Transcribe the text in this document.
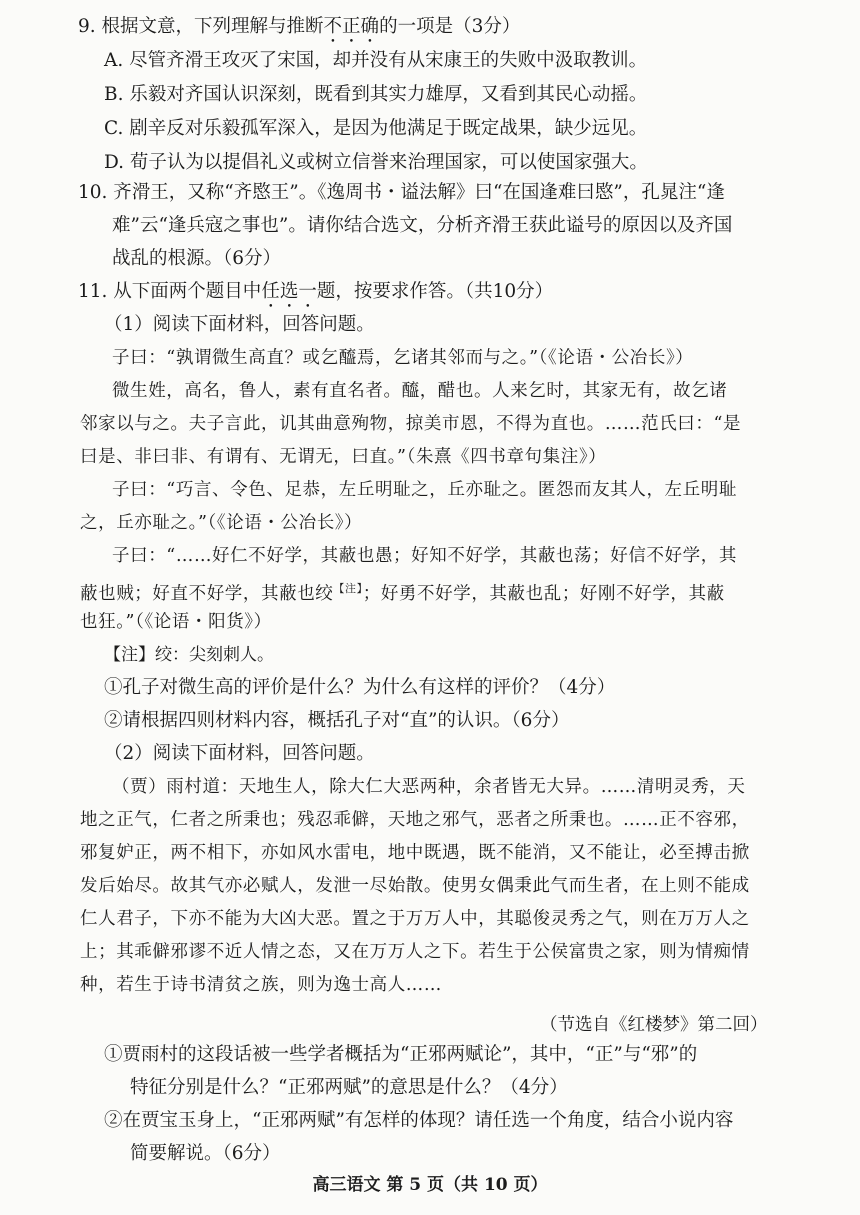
9. 根据文意，下列理解与推断不正确的一项是（3分）
A. 尽管齐滑王攻灭了宋国，却并没有从宋康王的失败中汲取教训。
B. 乐毅对齐国认识深刻，既看到其实力雄厚，又看到其民心动摇。
C. 剧辛反对乐毅孤军深入，是因为他满足于既定战果，缺少远见。
D. 荀子认为以提倡礼义或树立信誉来治理国家，可以使国家强大。
10. 齐滑王，又称“齐愍王”。《逸周书・谥法解》曰“在国逢难曰愍”，孔晁注“逢
难”云“逢兵寇之事也”。请你结合选文，分析齐滑王获此谥号的原因以及齐国
战乱的根源。（6分）
11. 从下面两个题目中任选一题，按要求作答。（共10分）
（1）阅读下面材料，回答问题。
子曰：“孰谓微生高直？或乞醯焉，乞诸其邻而与之。”（《论语・公冶长》）
微生姓，高名，鲁人，素有直名者。醯，醋也。人来乞时，其家无有，故乞诸
邻家以与之。夫子言此，讥其曲意殉物，掠美市恩，不得为直也。……范氏曰：“是
曰是、非曰非、有谓有、无谓无，曰直。”（朱熹《四书章句集注》）
子曰：“巧言、令色、足恭，左丘明耻之，丘亦耻之。匿怨而友其人，左丘明耻
之，丘亦耻之。”（《论语・公冶长》）
子曰：“……好仁不好学，其蔽也愚；好知不好学，其蔽也荡；好信不好学，其
蔽也贼；好直不好学，其蔽也绞$^{【注】}$；好勇不好学，其蔽也乱；好刚不好学，其蔽
也狂。”（《论语・阳货》）
【注】绞：尖刻刺人。
①孔子对微生高的评价是什么？为什么有这样的评价？（4分）
②请根据四则材料内容，概括孔子对“直”的认识。（6分）
（2）阅读下面材料，回答问题。
（贾）雨村道：天地生人，除大仁大恶两种，余者皆无大异。……清明灵秀，天
地之正气，仁者之所秉也；残忍乖僻，天地之邪气，恶者之所秉也。……正不容邪，
邪复妒正，两不相下，亦如风水雷电，地中既遇，既不能消，又不能让，必至搏击掀
发后始尽。故其气亦必赋人，发泄一尽始散。使男女偶秉此气而生者，在上则不能成
仁人君子，下亦不能为大凶大恶。置之于万万人中，其聪俊灵秀之气，则在万万人之
上；其乖僻邪谬不近人情之态，又在万万人之下。若生于公侯富贵之家，则为情痴情
种，若生于诗书清贫之族，则为逸士高人……
（节选自《红楼梦》第二回）
①贾雨村的这段话被一些学者概括为“正邪两赋论”，其中，“正”与“邪”的
特征分别是什么？“正邪两赋”的意思是什么？（4分）
②在贾宝玉身上，“正邪两赋”有怎样的体现？请任选一个角度，结合小说内容
简要解说。（6分）
高三语文 第 5 页（共 10 页）
